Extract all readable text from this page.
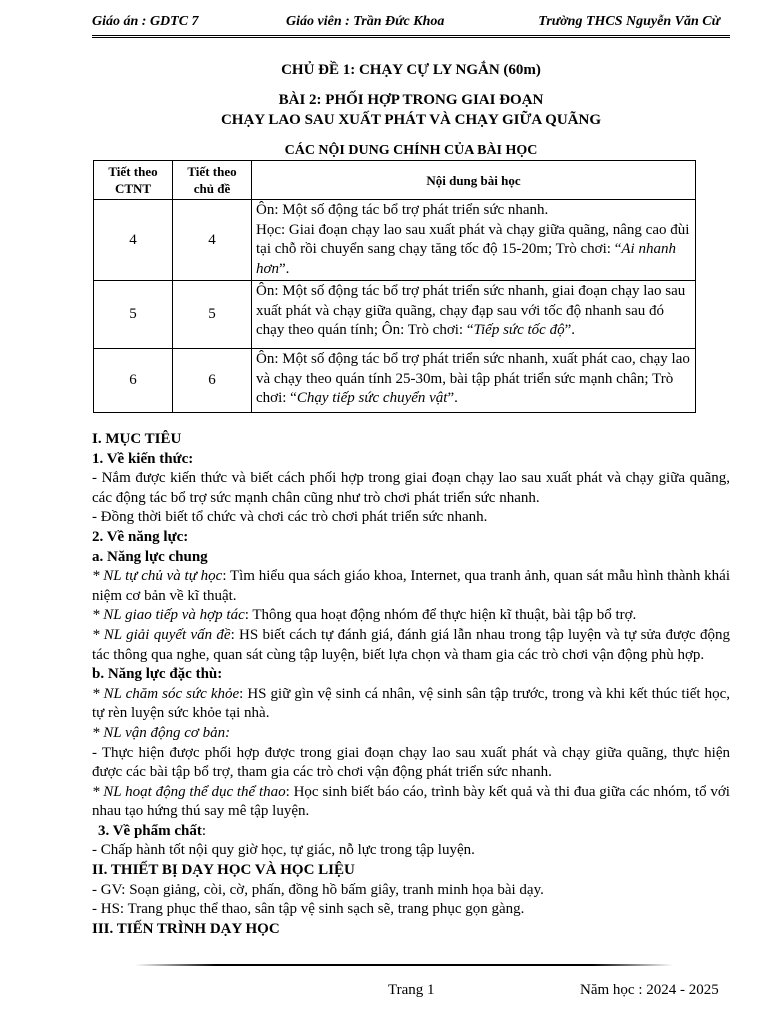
Giáo án : GDTC 7	Giáo viên : Trần Đức Khoa	Trường THCS Nguyễn Văn Cừ
CHỦ ĐỀ 1: CHẠY CỰ LY NGẮN (60m)
BÀI 2: PHỐI HỢP TRONG GIAI ĐOẠN
CHẠY LAO SAU XUẤT PHÁT VÀ CHẠY GIỮA QUÃNG
CÁC NỘI DUNG CHÍNH CỦA BÀI HỌC
Tiết theo CTNT	Tiết theo chủ đề	Nội dung bài học
4	4	Ôn: Một số động tác bổ trợ phát triển sức nhanh.
Học: Giai đoạn chạy lao sau xuất phát và chạy giữa quãng, nâng cao đùi tại chỗ rồi chuyển sang chạy tăng tốc độ 15-20m; Trò chơi: “Ai nhanh hơn”.
5	5	Ôn: Một số động tác bổ trợ phát triển sức nhanh, giai đoạn chạy lao sau xuất phát và chạy giữa quãng, chạy đạp sau với tốc độ nhanh sau đó chạy theo quán tính; Ôn: Trò chơi: “Tiếp sức tốc độ”.
6	6	Ôn: Một số động tác bổ trợ phát triển sức nhanh, xuất phát cao, chạy lao và chạy theo quán tính 25-30m, bài tập phát triển sức mạnh chân; Trò chơi: “Chạy tiếp sức chuyển vật”.

I. MỤC TIÊU

1. Về kiến thức:

- Nắm được kiến thức và biết cách phối hợp trong giai đoạn chạy lao sau xuất phát và chạy giữa quãng, các động tác bổ trợ sức mạnh chân cũng như trò chơi phát triển sức nhanh.

- Đồng thời biết tổ chức và chơi các trò chơi phát triển sức nhanh.

2. Về năng lực:

a. Năng lực chung

* NL tự chủ và tự học: Tìm hiểu qua sách giáo khoa, Internet, qua tranh ảnh, quan sát mẫu hình thành khái niệm cơ bản về kĩ thuật.

* NL giao tiếp và hợp tác: Thông qua hoạt động nhóm để thực hiện kĩ thuật, bài tập bổ trợ.

* NL giải quyết vấn đề: HS biết cách tự đánh giá, đánh giá lẫn nhau trong tập luyện và tự sửa được động tác thông qua nghe, quan sát cùng tập luyện, biết lựa chọn và tham gia các trò chơi vận động phù hợp.

b. Năng lực đặc thù:

* NL chăm sóc sức khỏe: HS giữ gìn vệ sinh cá nhân, vệ sinh sân tập trước, trong và khi kết thúc tiết học, tự rèn luyện sức khỏe tại nhà.

* NL vận động cơ bản:

- Thực hiện được phối hợp được trong giai đoạn chạy lao sau xuất phát và chạy giữa quãng, thực hiện được các bài tập bổ trợ, tham gia các trò chơi vận động phát triển sức nhanh.

* NL hoạt động thể dục thể thao: Học sinh biết báo cáo, trình bày kết quả và thi đua giữa các nhóm, tổ với nhau tạo hứng thú say mê tập luyện.

3. Về phẩm chất:

- Chấp hành tốt nội quy giờ học, tự giác, nỗ lực trong tập luyện.

II. THIẾT BỊ DẠY HỌC VÀ HỌC LIỆU

- GV: Soạn giảng, còi, cờ, phấn, đồng hồ bấm giây, tranh minh họa bài dạy.

- HS: Trang phục thể thao, sân tập vệ sinh sạch sẽ, trang phục gọn gàng.

III. TIẾN TRÌNH DẠY HỌC

Trang 1	Năm học : 2024 - 2025
